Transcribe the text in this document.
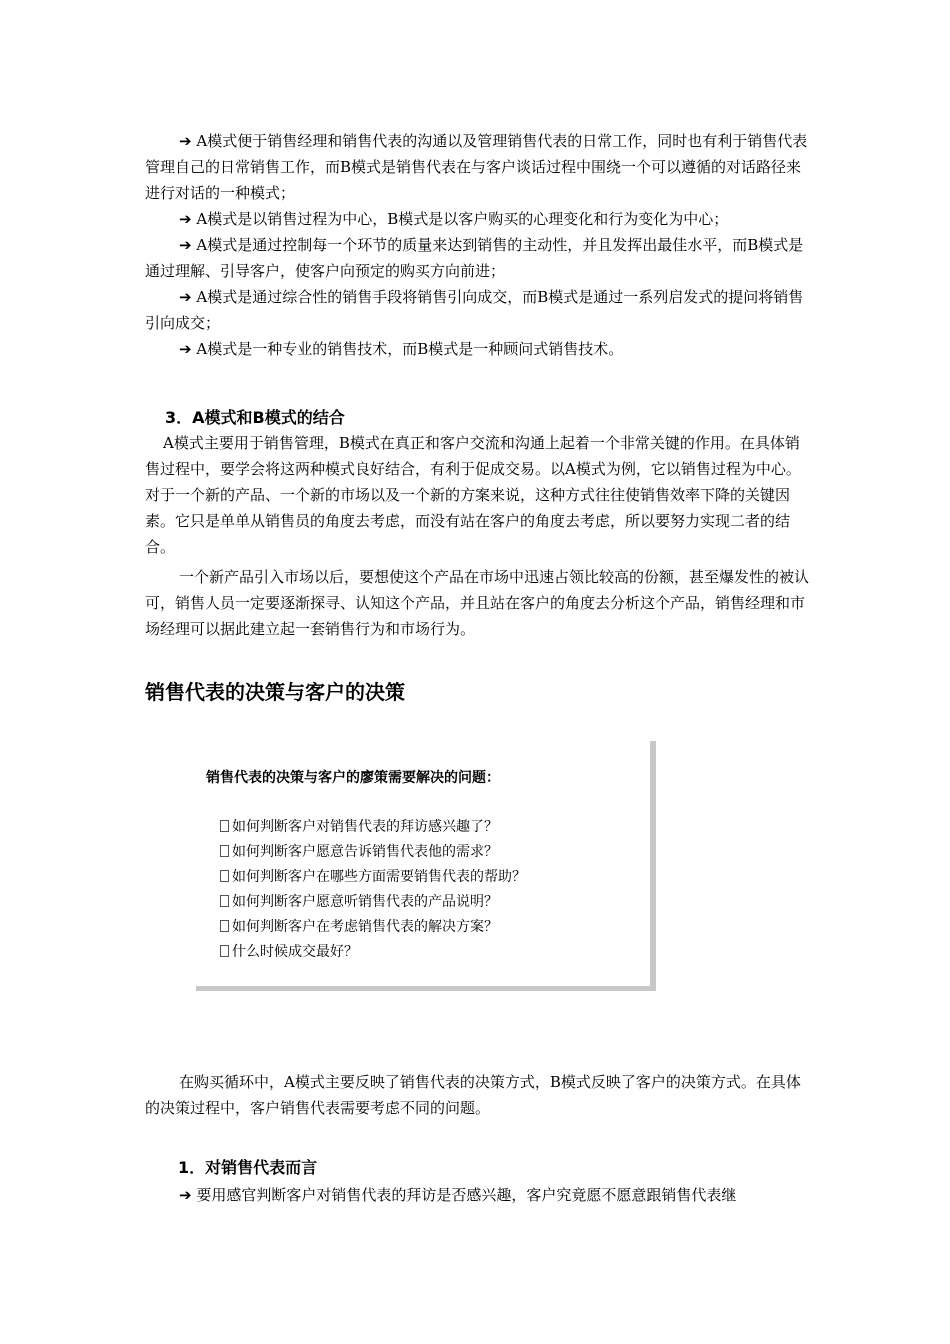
➔ A模式便于销售经理和销售代表的沟通以及管理销售代表的日常工作，同时也有利于销售代表管理自己的日常销售工作，而B模式是销售代表在与客户谈话过程中围绕一个可以遵循的对话路径来进行对话的一种模式；

➔ A模式是以销售过程为中心，B模式是以客户购买的心理变化和行为变化为中心；

➔ A模式是通过控制每一个环节的质量来达到销售的主动性，并且发挥出最佳水平，而B模式是通过理解、引导客户，使客户向预定的购买方向前进；

➔ A模式是通过综合性的销售手段将销售引向成交，而B模式是通过一系列启发式的提问将销售引向成交；

➔ A模式是一种专业的销售技术，而B模式是一种顾问式销售技术。

3．A模式和B模式的结合

A模式主要用于销售管理，B模式在真正和客户交流和沟通上起着一个非常关键的作用。在具体销售过程中，要学会将这两种模式良好结合，有利于促成交易。以A模式为例，它以销售过程为中心。对于一个新的产品、一个新的市场以及一个新的方案来说，这种方式往往使销售效率下降的关键因素。它只是单单从销售员的角度去考虑，而没有站在客户的角度去考虑，所以要努力实现二者的结合。

一个新产品引入市场以后，要想使这个产品在市场中迅速占领比较高的份额，甚至爆发性的被认可，销售人员一定要逐渐探寻、认知这个产品，并且站在客户的角度去分析这个产品，销售经理和市场经理可以据此建立起一套销售行为和市场行为。

销售代表的决策与客户的决策
销售代表的决策与客户的廖策需要解决的问题：
如何判断客户对销售代表的拜访感兴趣了？
如何判断客户愿意告诉销售代表他的需求？
如何判断客户在哪些方面需要销售代表的帮助？
如何判断客户愿意听销售代表的产品说明？
如何判断客户在考虑销售代表的解决方案？
什么时候成交最好？

在购买循环中，A模式主要反映了销售代表的决策方式，B模式反映了客户的决策方式。在具体的决策过程中，客户销售代表需要考虑不同的问题。

1．对销售代表而言

➔ 要用感官判断客户对销售代表的拜访是否感兴趣，客户究竟愿不愿意跟销售代表继
